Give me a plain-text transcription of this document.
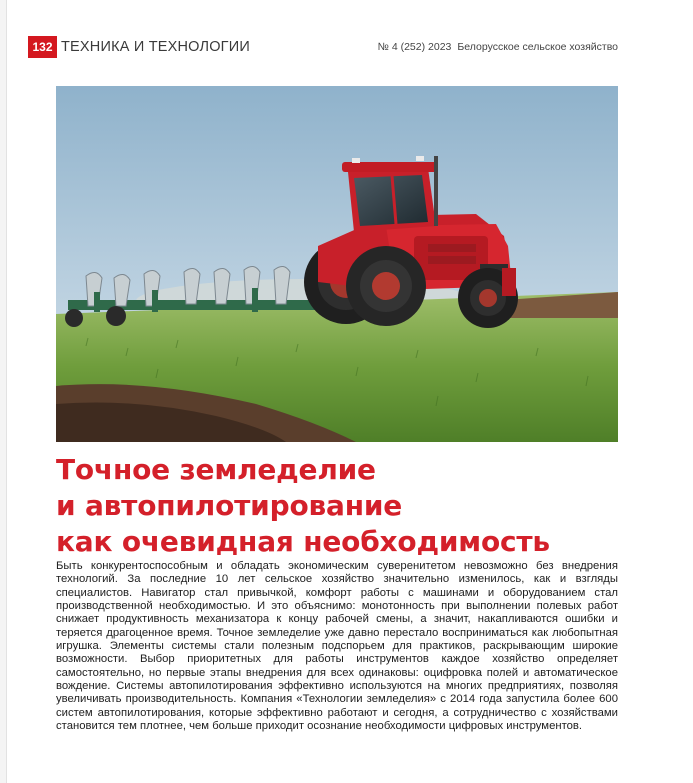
132 ТЕХНИКА И ТЕХНОЛОГИИ	№ 4 (252) 2023 Белорусское сельское хозяйство
Точное земледелие
и автопилотирование
как очевидная необходимость

Быть конкурентоспособным и обладать экономическим суверенитетом невозможно без внедрения технологий. За последние 10 лет сельское хозяйство значительно изменилось, как и взгляды специалистов. Навигатор стал привычкой, комфорт работы с машинами и оборудованием стал производственной необходимостью. И это объяснимо: монотонность при выполнении полевых работ снижает продуктивность механизатора к концу рабочей смены, а значит, накапливаются ошибки и теряется драгоценное время. Точное земледелие уже давно перестало восприниматься как любопытная игрушка. Элементы системы стали полезным подспорьем для практиков, раскрывающим широкие возможности. Выбор приоритетных для работы инструментов каждое хозяйство определяет самостоятельно, но первые этапы внедрения для всех одинаковы: оцифровка полей и автоматическое вождение. Системы автопилотирования эффективно используются на многих предприятиях, позволяя увеличивать производительность. Компания «Технологии земледелия» с 2014 года запустила более 600 систем автопилотирования, которые эффективно работают и сегодня, а сотрудничество с хозяйствами становится тем плотнее, чем больше приходит осознание необходимости цифровых инструментов.
